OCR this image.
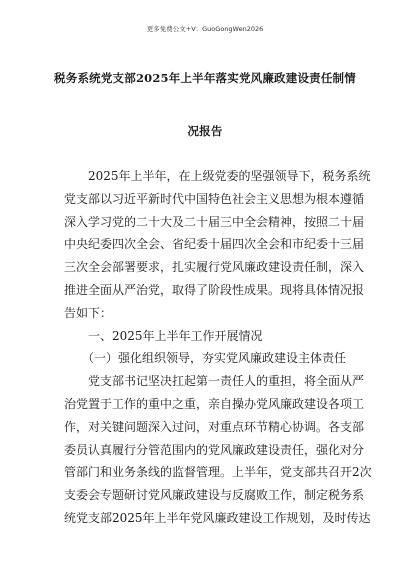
更多免费公文+V：GuoGongWen2026
税务系统党支部2025年上半年落实党风廉政建设责任制情
况报告
　　2025年上半年，在上级党委的坚强领导下，税务系统
党支部以习近平新时代中国特色社会主义思想为根本遵循
深入学习党的二十大及二十届三中全会精神，按照二十届
中央纪委四次全会、省纪委十届四次全会和市纪委十三届
三次全会部署要求，扎实履行党风廉政建设责任制，深入
推进全面从严治党，取得了阶段性成果。现将具体情况报
告如下：
　　一、2025年上半年工作开展情况
　　（一）强化组织领导，夯实党风廉政建设主体责任
　　党支部书记坚决扛起第一责任人的重担，将全面从严
治党置于工作的重中之重，亲自操办党风廉政建设各项工
作，对关键问题深入过问，对重点环节精心协调。各支部
委员认真履行分管范围内的党风廉政建设责任，强化对分
管部门和业务条线的监督管理。上半年，党支部共召开2次
支委会专题研讨党风廉政建设与反腐败工作，制定税务系
统党支部2025年上半年党风廉政建设工作规划，及时传达
